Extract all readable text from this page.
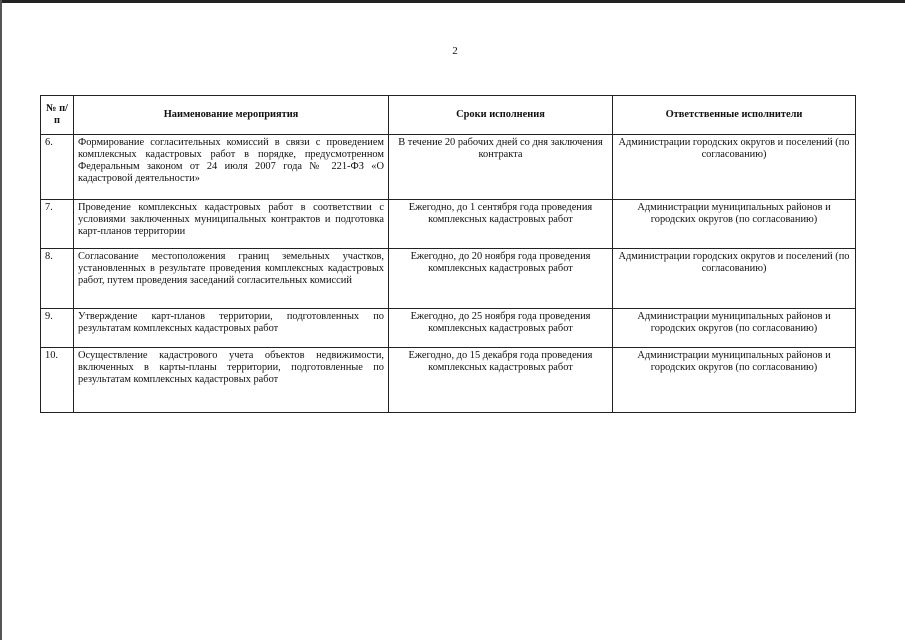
2
№ п/п	Наименование мероприятия	Сроки исполнения	Ответственные исполнители
6.	Формирование согласительных комиссий в связи с проведением комплексных кадастровых работ в порядке, предусмотренном Федеральным законом от 24 июля 2007 года № 221-ФЗ «О кадастровой деятельности»	В течение 20 рабочих дней со дня заключения контракта	Администрации городских округов и поселений (по согласованию)
7.	Проведение комплексных кадастровых работ в соответствии с условиями заключенных муниципальных контрактов и подготовка карт-планов территории	Ежегодно, до 1 сентября года проведения комплексных кадастровых работ	Администрации муниципальных районов и городских округов (по согласованию)
8.	Согласование местоположения границ земельных участков, установленных в результате проведения комплексных кадастровых работ, путем проведения заседаний согласительных комиссий	Ежегодно, до 20 ноября года проведения комплексных кадастровых работ	Администрации городских округов и поселений (по согласованию)
9.	Утверждение карт-планов территории, подготовленных по результатам комплексных кадастровых работ	Ежегодно, до 25 ноября года проведения комплексных кадастровых работ	Администрации муниципальных районов и городских округов (по согласованию)
10.	Осуществление кадастрового учета объектов недвижимости, включенных в карты-планы территории, подготовленные по результатам комплексных кадастровых работ	Ежегодно, до 15 декабря года проведения комплексных кадастровых работ	Администрации муниципальных районов и городских округов (по согласованию)
